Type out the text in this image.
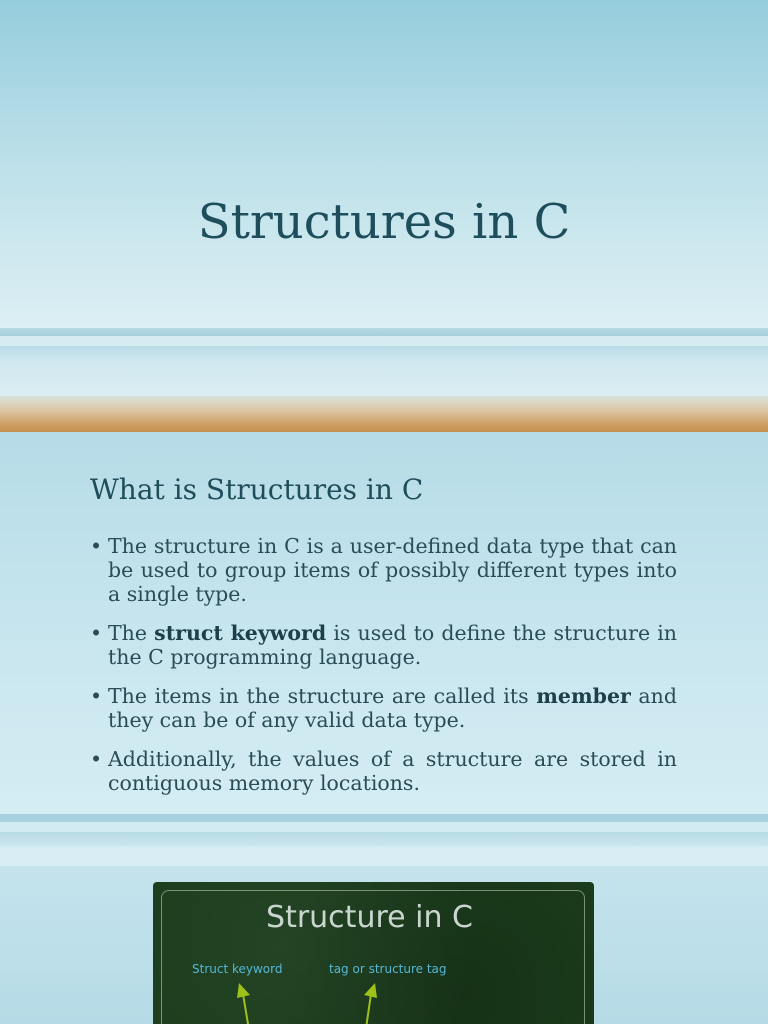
Structures in C
What is Structures in C
• The structure in C is a user-defined data type that can be used to group items of possibly different types into a single type.
• The struct keyword is used to define the structure in the C programming language.
• The items in the structure are called its member and they can be of any valid data type.
• Additionally, the values of a structure are stored in contiguous memory locations.
Structure in C
Struct keyword	tag or structure tag
